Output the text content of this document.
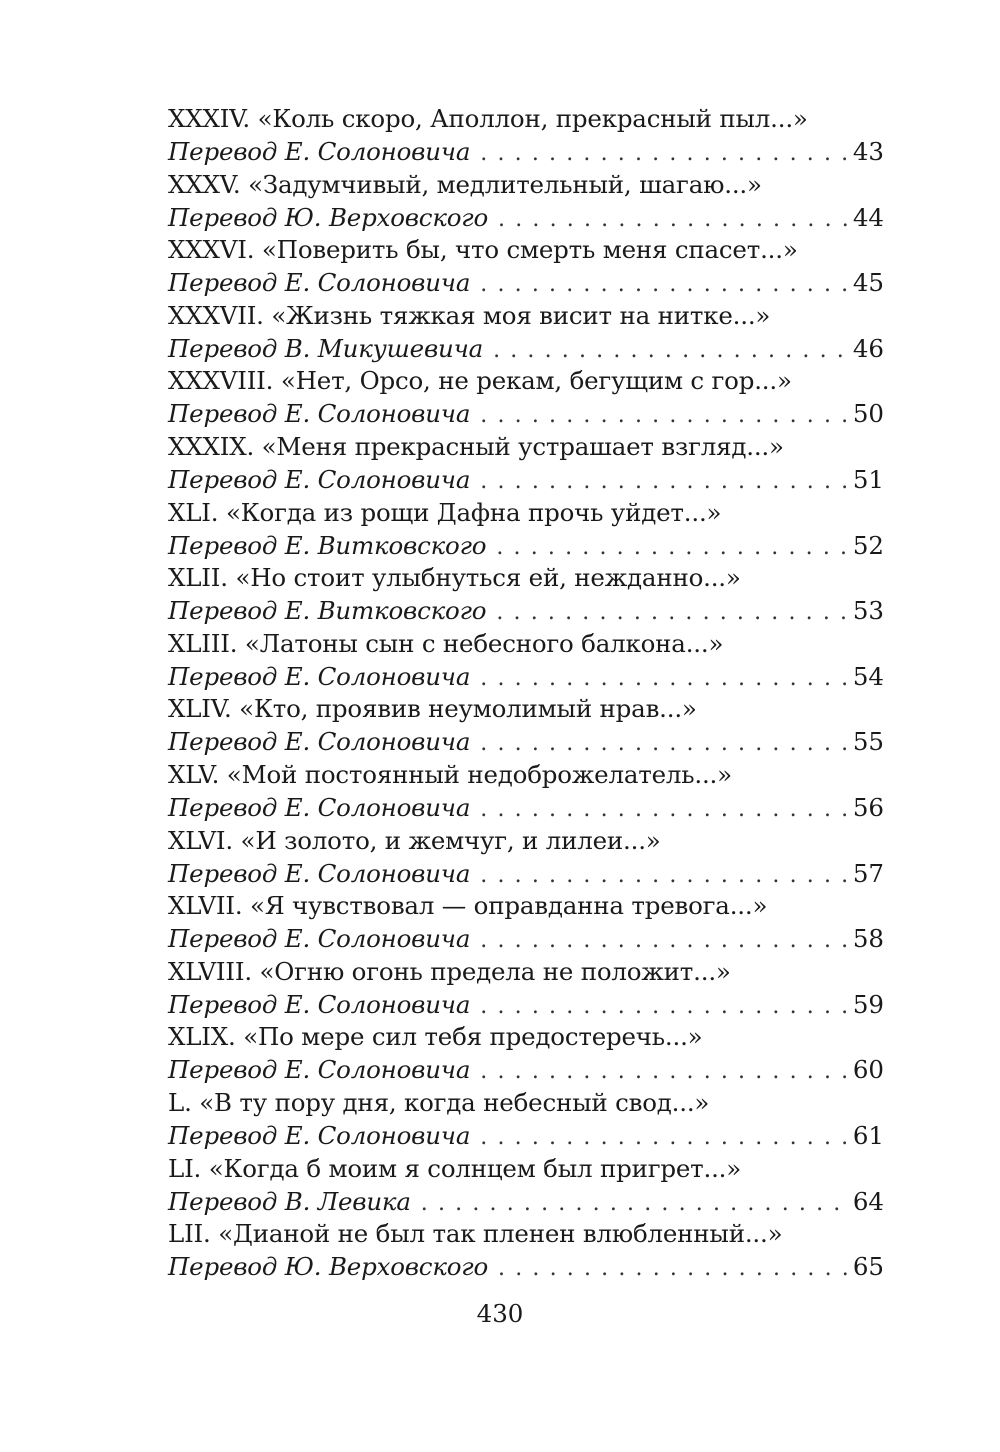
XXXIV. «Коль скоро, Аполлон, прекрасный пыл...»
Перевод Е. Солоновича . . .	43
XXXV. «Задумчивый, медлительный, шагаю...»
Перевод Ю. Верховского . . .	44
XXXVI. «Поверить бы, что смерть меня спасет...»
Перевод Е. Солоновича . . .	45
XXXVII. «Жизнь тяжкая моя висит на нитке...»
Перевод В. Микушевича . . .	46
XXXVIII. «Нет, Орсо, не рекам, бегущим с гор...»
Перевод Е. Солоновича . . .	50
XXXIX. «Меня прекрасный устрашает взгляд...»
Перевод Е. Солоновича . . .	51
XLI. «Когда из рощи Дафна прочь уйдет...»
Перевод Е. Витковского . . .	52
XLII. «Но стоит улыбнуться ей, нежданно...»
Перевод Е. Витковского . . .	53
XLIII. «Латоны сын с небесного балкона...»
Перевод Е. Солоновича . . .	54
XLIV. «Кто, проявив неумолимый нрав...»
Перевод Е. Солоновича . . .	55
XLV. «Мой постоянный недоброжелатель...»
Перевод Е. Солоновича . . .	56
XLVI. «И золото, и жемчуг, и лилеи...»
Перевод Е. Солоновича . . .	57
XLVII. «Я чувствовал — оправданна тревога...»
Перевод Е. Солоновича . . .	58
XLVIII. «Огню огонь предела не положит...»
Перевод Е. Солоновича . . .	59
XLIX. «По мере сил тебя предостеречь...»
Перевод Е. Солоновича . . .	60
L. «В ту пору дня, когда небесный свод...»
Перевод Е. Солоновича . . .	61
LI. «Когда б моим я солнцем был пригрет...»
Перевод В. Левика . . .	64
LII. «Дианой не был так пленен влюбленный...»
Перевод Ю. Верховского . . .	65
430
